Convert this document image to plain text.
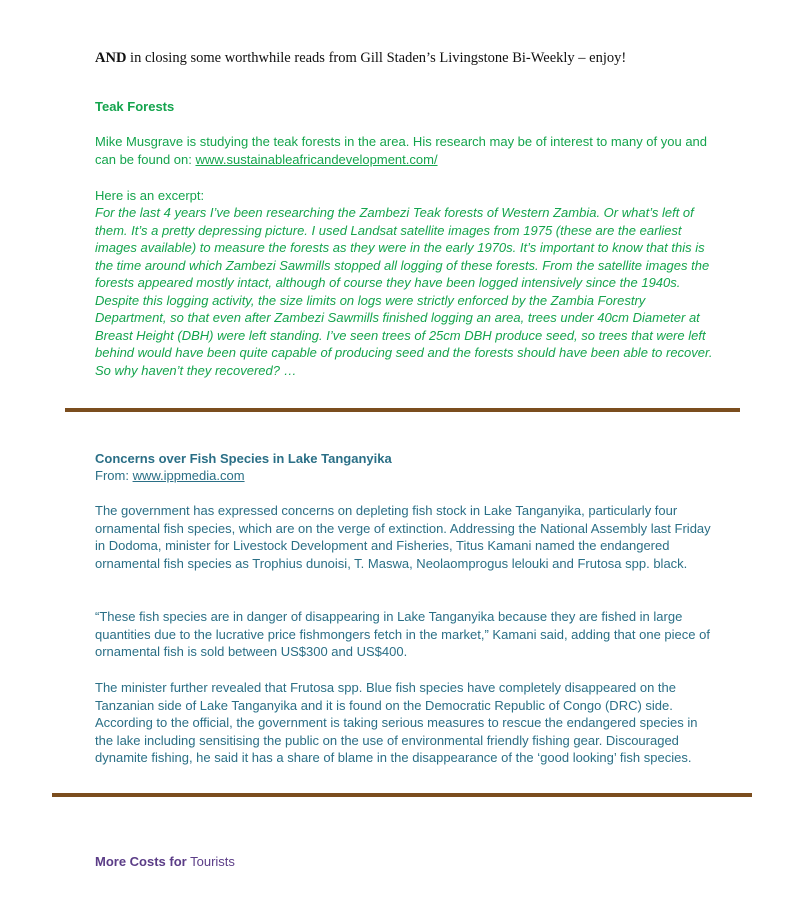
AND in closing some worthwhile reads from Gill Staden’s Livingstone Bi-Weekly – enjoy!
Teak Forests
Mike Musgrave is studying the teak forests in the area. His research may be of interest to many of you and can be found on: www.sustainableafricandevelopment.com/
Here is an excerpt:
For the last 4 years I’ve been researching the Zambezi Teak forests of Western Zambia. Or what’s left of them. It’s a pretty depressing picture. I used Landsat satellite images from 1975 (these are the earliest images available) to measure the forests as they were in the early 1970s. It’s important to know that this is the time around which Zambezi Sawmills stopped all logging of these forests. From the satellite images the forests appeared mostly intact, although of course they have been logged intensively since the 1940s. Despite this logging activity, the size limits on logs were strictly enforced by the Zambia Forestry Department, so that even after Zambezi Sawmills finished logging an area, trees under 40cm Diameter at Breast Height (DBH) were left standing. I’ve seen trees of 25cm DBH produce seed, so trees that were left behind would have been quite capable of producing seed and the forests should have been able to recover. So why haven’t they recovered? …
Concerns over Fish Species in Lake Tanganyika
From: www.ippmedia.com
The government has expressed concerns on depleting fish stock in Lake Tanganyika, particularly four ornamental fish species, which are on the verge of extinction. Addressing the National Assembly last Friday in Dodoma, minister for Livestock Development and Fisheries, Titus Kamani named the endangered ornamental fish species as Trophius dunoisi, T. Maswa, Neolaomprogus lelouki and Frutosa spp. black.
“These fish species are in danger of disappearing in Lake Tanganyika because they are fished in large quantities due to the lucrative price fishmongers fetch in the market,” Kamani said, adding that one piece of ornamental fish is sold between US$300 and US$400.
The minister further revealed that Frutosa spp. Blue fish species have completely disappeared on the Tanzanian side of Lake Tanganyika and it is found on the Democratic Republic of Congo (DRC) side. According to the official, the government is taking serious measures to rescue the endangered species in the lake including sensitising the public on the use of environmental friendly fishing gear. Discouraged dynamite fishing, he said it has a share of blame in the disappearance of the ‘good looking’ fish species.
More Costs for Tourists
